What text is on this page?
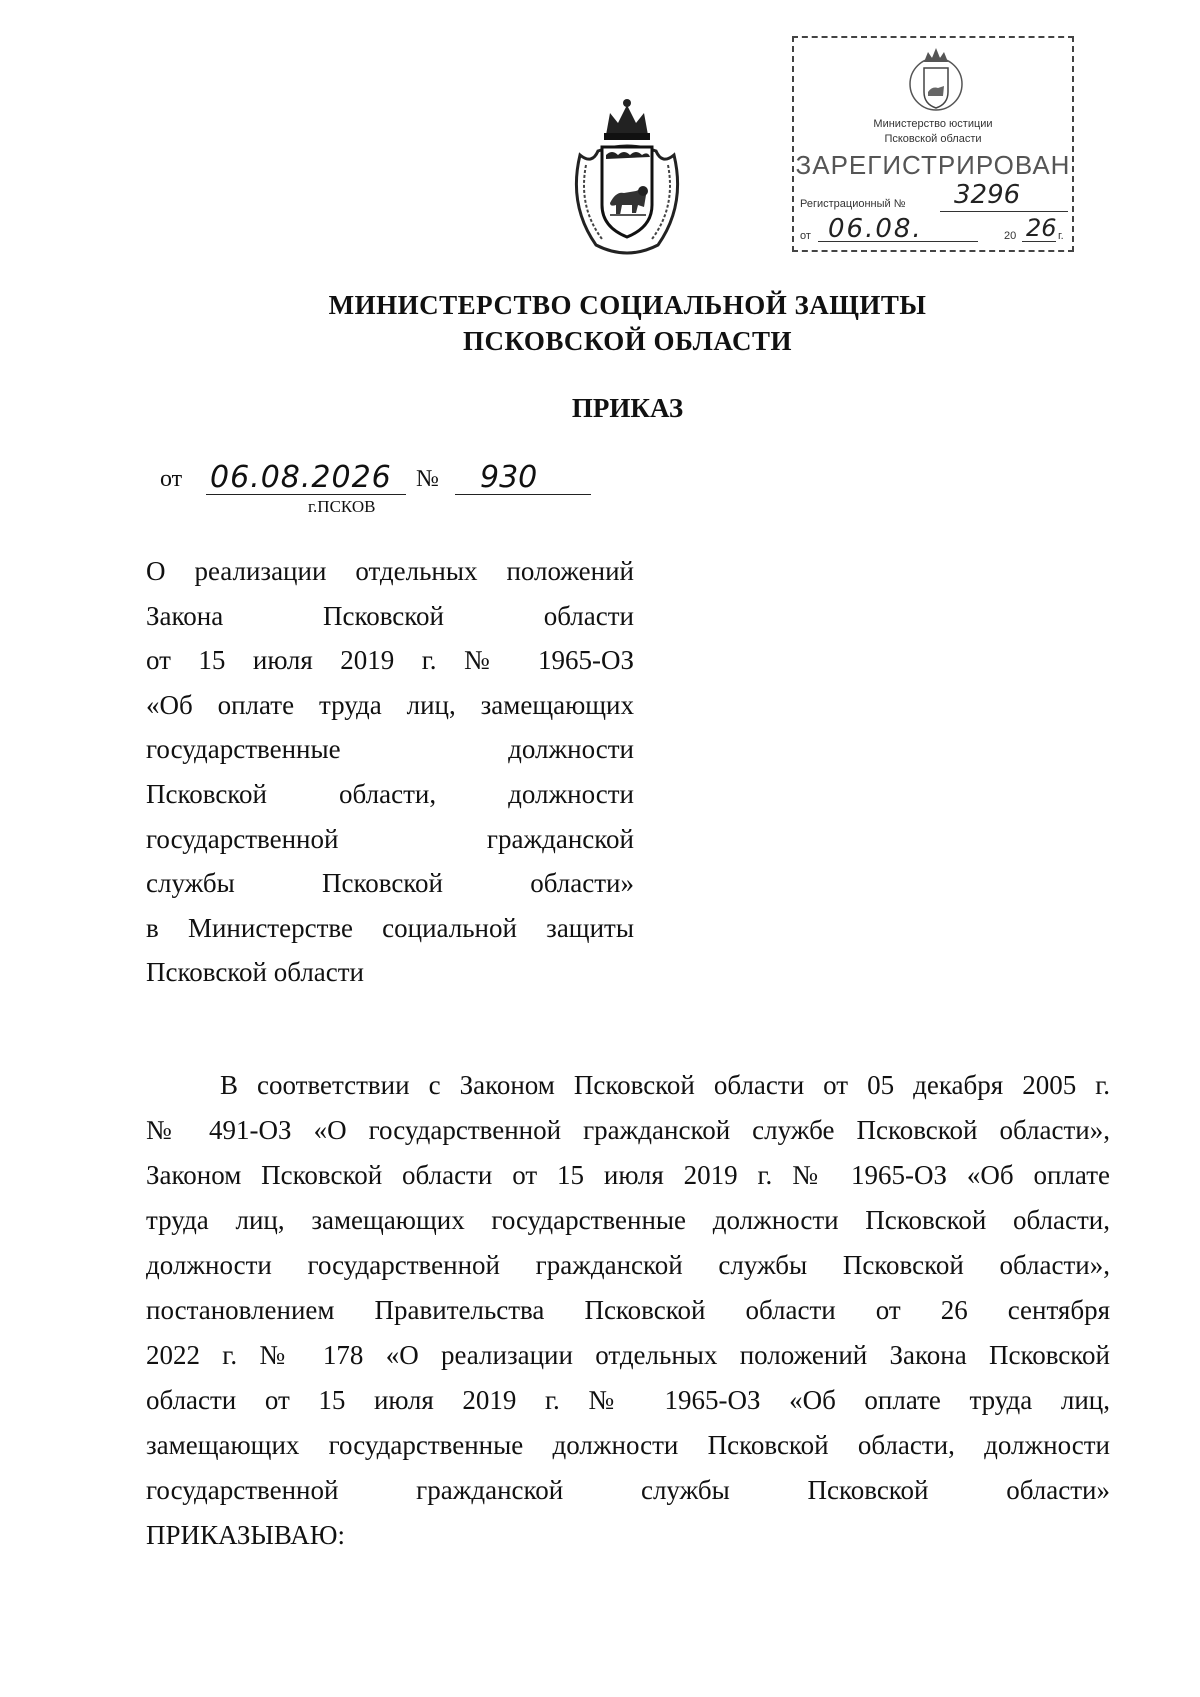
Министерство юстиции
Псковской области
ЗАРЕГИСТРИРОВАН
Регистрационный № 3296
от 06.08.	20 26 г.
МИНИСТЕРСТВО СОЦИАЛЬНОЙ ЗАЩИТЫ
ПСКОВСКОЙ ОБЛАСТИ
ПРИКАЗ
от 06.08.2026 № 930
г.ПСКОВ
О реализации отдельных положений
Закона Псковской области
от 15 июля 2019 г. № 1965-ОЗ
«Об оплате труда лиц, замещающих
государственные должности
Псковской области, должности
государственной гражданской
службы Псковской области»
в Министерстве социальной защиты
Псковской области
В соответствии с Законом Псковской области от 05 декабря 2005 г.
№ 491-ОЗ «О государственной гражданской службе Псковской области»,
Законом Псковской области от 15 июля 2019 г. № 1965-ОЗ «Об оплате
труда лиц, замещающих государственные должности Псковской области,
должности государственной гражданской службы Псковской области»,
постановлением Правительства Псковской области от 26 сентября
2022 г. № 178 «О реализации отдельных положений Закона Псковской
области от 15 июля 2019 г. № 1965-ОЗ «Об оплате труда лиц,
замещающих государственные должности Псковской области, должности
государственной гражданской службы Псковской области»
ПРИКАЗЫВАЮ:
